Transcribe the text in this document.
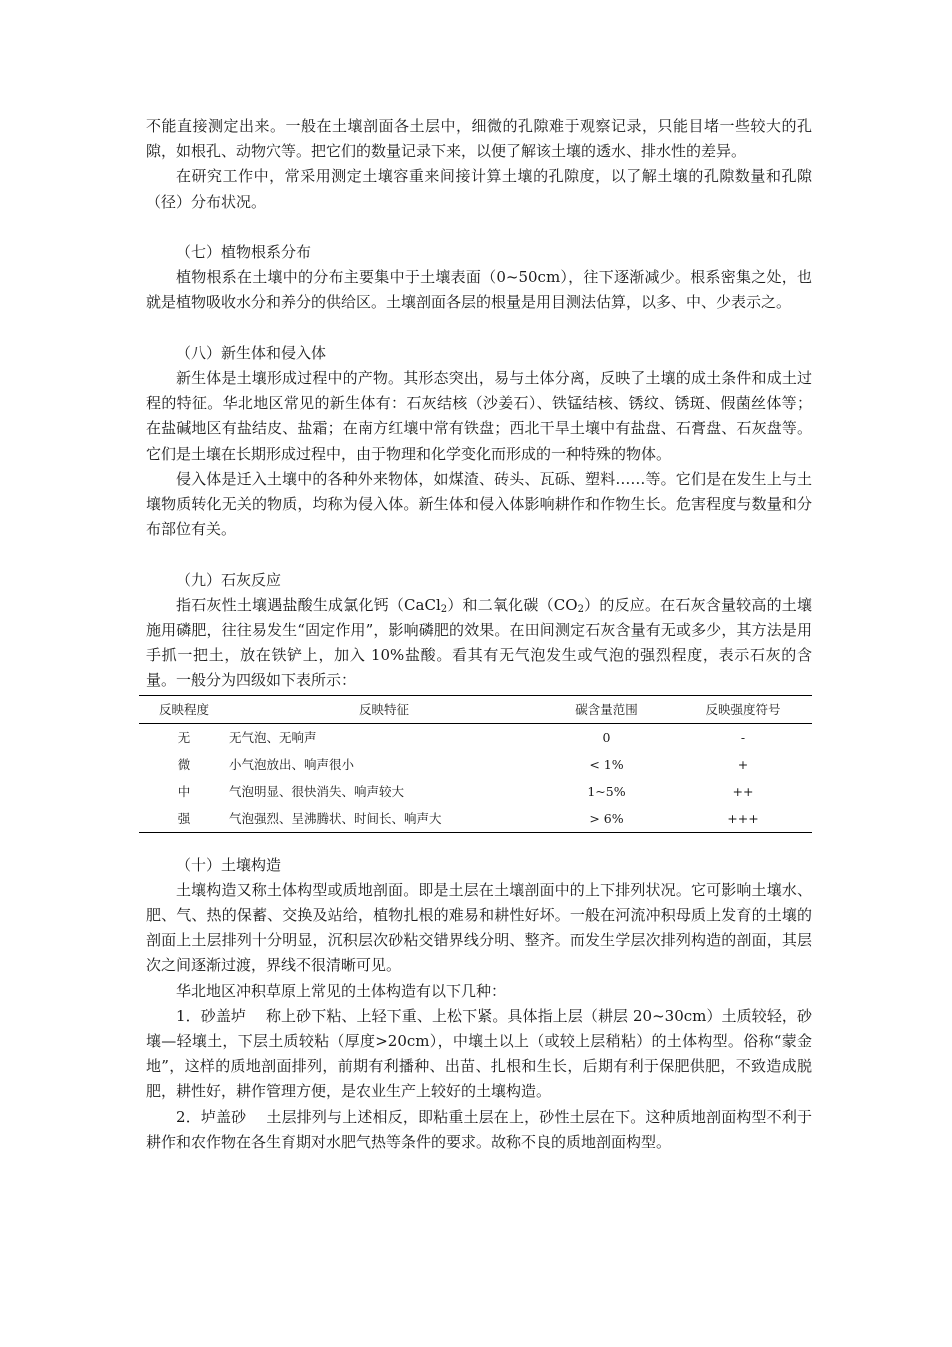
不能直接测定出来。一般在土壤剖面各土层中，细微的孔隙难于观察记录，只能目堵一些较大的孔隙，如根孔、动物穴等。把它们的数量记录下来，以便了解该土壤的透水、排水性的差异。

在研究工作中，常采用测定土壤容重来间接计算土壤的孔隙度，以了解土壤的孔隙数量和孔隙（径）分布状况。

（七）植物根系分布

植物根系在土壤中的分布主要集中于土壤表面（0~50cm），往下逐渐减少。根系密集之处，也就是植物吸收水分和养分的供给区。土壤剖面各层的根量是用目测法估算，以多、中、少表示之。

（八）新生体和侵入体

新生体是土壤形成过程中的产物。其形态突出，易与土体分离，反映了土壤的成土条件和成土过程的特征。华北地区常见的新生体有：石灰结核（沙姜石）、铁锰结核、锈纹、锈斑、假菌丝体等；在盐碱地区有盐结皮、盐霜；在南方红壤中常有铁盘；西北干旱土壤中有盐盘、石膏盘、石灰盘等。它们是土壤在长期形成过程中，由于物理和化学变化而形成的一种特殊的物体。

侵入体是迁入土壤中的各种外来物体，如煤渣、砖头、瓦砾、塑料……等。它们是在发生上与土壤物质转化无关的物质，均称为侵入体。新生体和侵入体影响耕作和作物生长。危害程度与数量和分布部位有关。

（九）石灰反应

指石灰性土壤遇盐酸生成氯化钙（CaCl$_2$）和二氧化碳$(CO_2)$的反应。在石灰含量较高的土壤施用磷肥，往往易发生“固定作用”，影响磷肥的效果。在田间测定石灰含量有无或多少，其方法是用手抓一把土，放在铁铲上，加入 10%盐酸。看其有无气泡发生或气泡的强烈程度，表示石灰的含量。一般分为四级如下表所示：

反映程度	反映特征	碳含量范围	反映强度符号
无	无气泡、无响声	0	-
微	小气泡放出、响声很小	< 1%	+
中	气泡明显、很快消失、响声较大	1~5%	++
强	气泡强烈、呈沸腾状、时间长、响声大	> 6%	+++

（十）土壤构造

土壤构造又称土体构型或质地剖面。即是土层在土壤剖面中的上下排列状况。它可影响土壤水、肥、气、热的保蓄、交换及站给，植物扎根的难易和耕性好坏。一般在河流冲积母质上发育的土壤的剖面上土层排列十分明显，沉积层次砂粘交错界线分明、整齐。而发生学层次排列构造的剖面，其层次之间逐渐过渡，界线不很清晰可见。

华北地区冲积草原上常见的土体构造有以下几种：

1．砂盖垆　 称上砂下粘、上轻下重、上松下紧。具体指上层（耕层 20~30cm）土质较轻，砂壤—轻壤土，下层土质较粘（厚度>20cm），中壤土以上（或较上层稍粘）的土体构型。俗称“蒙金地”，这样的质地剖面排列，前期有利播种、出苗、扎根和生长，后期有利于保肥供肥，不致造成脱肥，耕性好，耕作管理方便，是农业生产上较好的土壤构造。

2．垆盖砂　 土层排列与上述相反，即粘重土层在上，砂性土层在下。这种质地剖面构型不利于耕作和农作物在各生育期对水肥气热等条件的要求。故称不良的质地剖面构型。
